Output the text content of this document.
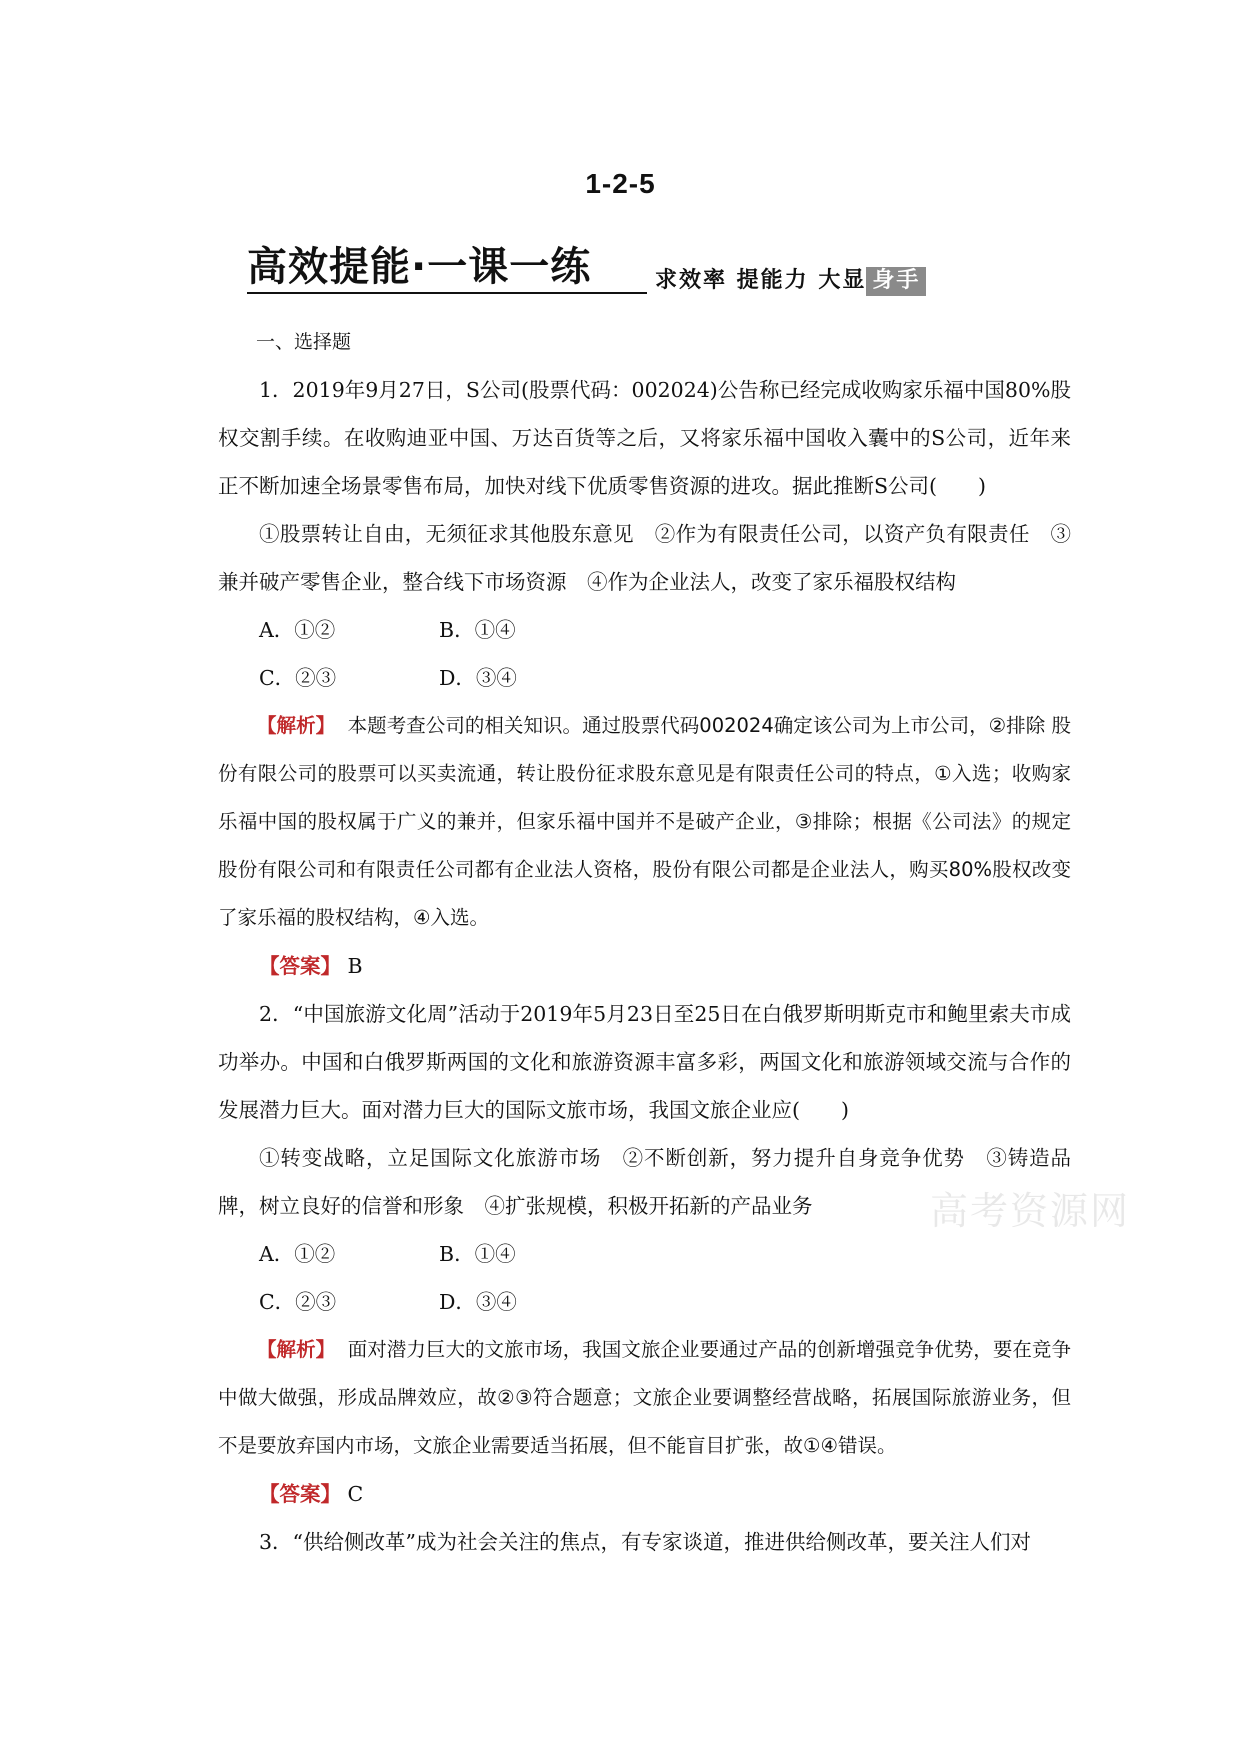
1-2-5
高效提能·一课一练	求效率 提能力 大显 身手
高考资源网

一、选择题

1．2019年9月27日，S公司(股票代码：002024)公告称已经完成收购家乐福中国80%股权交割手续。在收购迪亚中国、万达百货等之后，又将家乐福中国收入囊中的S公司，近年来正不断加速全场景零售布局，加快对线下优质零售资源的进攻。据此推断S公司(　　)

①股票转让自由，无须征求其他股东意见　②作为有限责任公司，以资产负有限责任　③兼并破产零售企业，整合线下市场资源　④作为企业法人，改变了家乐福股权结构

A．①②	B．①④
C．②③	D．③④

【解析】 本题考查公司的相关知识。通过股票代码002024确定该公司为上市公司，②排除 股份有限公司的股票可以买卖流通，转让股份征求股东意见是有限责任公司的特点，①入选；收购家乐福中国的股权属于广义的兼并，但家乐福中国并不是破产企业，③排除；根据《公司法》的规定股份有限公司和有限责任公司都有企业法人资格，股份有限公司都是企业法人，购买80%股权改变了家乐福的股权结构，④入选。

【答案】 B

2．“中国旅游文化周”活动于2019年5月23日至25日在白俄罗斯明斯克市和鲍里索夫市成功举办。中国和白俄罗斯两国的文化和旅游资源丰富多彩，两国文化和旅游领域交流与合作的发展潜力巨大。面对潜力巨大的国际文旅市场，我国文旅企业应(　　)

①转变战略，立足国际文化旅游市场　②不断创新，努力提升自身竞争优势　③铸造品牌，树立良好的信誉和形象　④扩张规模，积极开拓新的产品业务

A．①②	B．①④
C．②③	D．③④

【解析】 面对潜力巨大的文旅市场，我国文旅企业要通过产品的创新增强竞争优势，要在竞争中做大做强，形成品牌效应，故②③符合题意；文旅企业要调整经营战略，拓展国际旅游业务，但不是要放弃国内市场，文旅企业需要适当拓展，但不能盲目扩张，故①④错误。

【答案】 C

3．“供给侧改革”成为社会关注的焦点，有专家谈道，推进供给侧改革，要关注人们对
